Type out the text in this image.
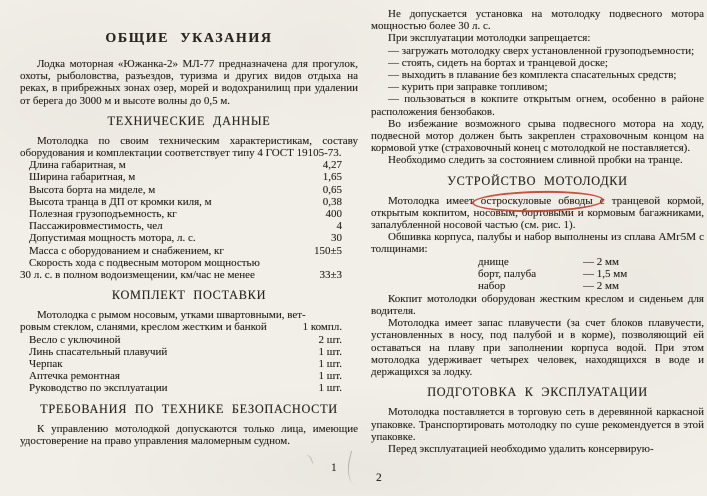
ОБЩИЕ УКАЗАНИЯ

Лодка моторная «Южанка-2» МЛ-77 предназначена для прогулок, охоты, рыболовства, разъездов, туризма и других видов отдыха на реках, в прибрежных зонах озер, морей и водохранилищ при удалении от берега до 3000 м и высоте волны до 0,5 м.

ТЕХНИЧЕСКИЕ ДАННЫЕ

Мотолодка по своим техническим характеристикам, составу оборудования и комплектации соответствует типу 4 ГОСТ 19105-73.

Длина габаритная, м	4,27
Ширина габаритная, м	1,65
Высота борта на миделе, м	0,65
Высота транца в ДП от кромки киля, м	0,38
Полезная грузоподъемность, кг	400
Пассажировместимость, чел	4
Допустимая мощность мотора, л. с.	30
Масса с оборудованием и снабжением, кг	150±5
Скорость хода с подвесным мотором мощностью
30 л. с. в полном водоизмещении, км/час не менее	33±3
КОМПЛЕКТ ПОСТАВКИ

Мотолодка с рымом носовым, утками швартовными, вет-

ровым стеклом, сланями, креслом жестким и банкой	1 компл.
Весло с уключиной	2 шт.
Линь спасательный плавучий	1 шт.
Черпак	1 шт.
Аптечка ремонтная	1 шт.
Руководство по эксплуатации	1 шт.
ТРЕБОВАНИЯ ПО ТЕХНИКЕ БЕЗОПАСНОСТИ

К управлению мотолодкой допускаются только лица, имеющие удостоверение на право управления маломерным судном.

Не допускается установка на мотолодку подвесного мотора мощностью более 30 л. с.

При эксплуатации мотолодки запрещается:

— загружать мотолодку сверх установленной грузоподъемности;

— стоять, сидеть на бортах и транцевой доске;

— выходить в плавание без комплекта спасательных средств;

— курить при заправке топливом;

— пользоваться в кокпите открытым огнем, особенно в районе расположения бензобаков.

Во избежание возможного срыва подвесного мотора на ходу, подвесной мотор должен быть закреплен страховочным концом на кормовой утке (страховочный конец с мотолодкой не поставляется).

Необходимо следить за состоянием сливной пробки на транце.

УСТРОЙСТВО МОТОЛОДКИ

Мотолодка имеет
остроскуловые обводы с транцевой кормой, открытым кокпитом, носовым, бортовыми и кормовым багажниками, запалубленной носовой частью (см. рис. 1).

Обшивка корпуса, палубы и набор выполнены из сплава АМг5М с толщинами:

днище	— 2 мм
борт, палуба	— 1,5 мм
набор	— 2 мм

Кокпит мотолодки оборудован жестким креслом и сиденьем для водителя.

Мотолодка имеет запас плавучести (за счет блоков плавучести, установленных в носу, под палубой и в корме), позволяющий ей оставаться на плаву при заполнении корпуса водой. При этом мотолодка удерживает четырех человек, находящихся в воде и держащихся за лодку.

ПОДГОТОВКА К ЭКСПЛУАТАЦИИ

Мотолодка поставляется в торговую сеть в деревянной каркасной упаковке. Транспортировать мотолодку по суше рекомендуется в этой упаковке.

Перед эксплуатацией необходимо удалить консервирую-

1
2
